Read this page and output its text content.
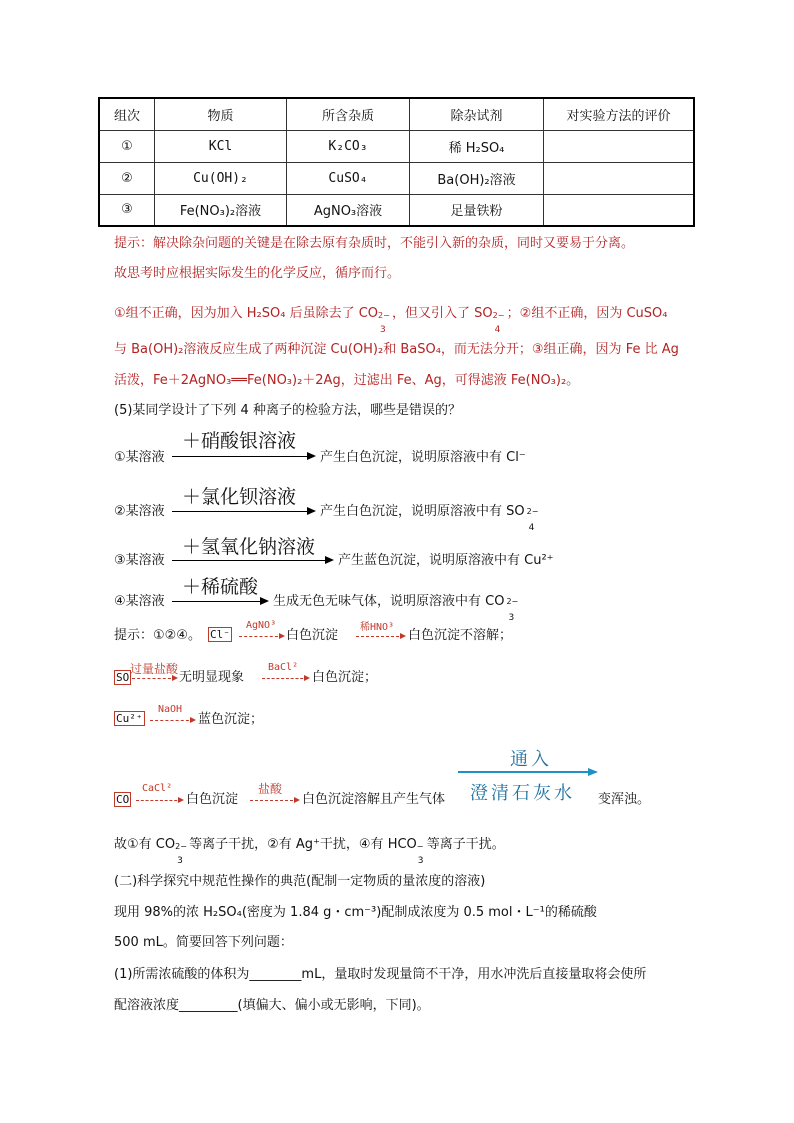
组次	物质	所含杂质	除杂试剂	对实验方法的评价
①	KCl	K₂CO₃	稀 H₂SO₄	
②	Cu(OH)₂	CuSO₄	Ba(OH)₂溶液	
③	Fe(NO₃)₂溶液	AgNO₃溶液	足量铁粉	
提示：解决除杂问题的关键是在除去原有杂质时，不能引入新的杂质，同时又要易于分离。
故思考时应根据实际发生的化学反应，循序而行。
①组不正确，因为加入 H₂SO₄ 后虽除去了 CO 2−
3
，但又引入了 SO 2−
4
；②组不正确，因为 CuSO₄
与 Ba(OH)₂溶液反应生成了两种沉淀 Cu(OH)₂和 BaSO₄，而无法分开；③组正确，因为 Fe 比 Ag
活泼，Fe＋2AgNO₃══Fe(NO₃)₂＋2Ag，过滤出 Fe、Ag，可得滤液 Fe(NO₃)₂。
(5)某同学设计了下列 4 种离子的检验方法，哪些是错误的？
＋硝酸银溶液
①某溶液	产生白色沉淀，说明原溶液中有 Cl⁻
＋氯化钡溶液
②某溶液	产生白色沉淀，说明原溶液中有 SO 2−
4
＋氢氧化钠溶液
③某溶液	产生蓝色沉淀，说明原溶液中有 Cu²⁺
＋稀硫酸
④某溶液	生成无色无味气体，说明原溶液中有 CO 2−
3
提示：①②④。 Cl⁻
AgNO³
白色沉淀
稀HNO³
白色沉淀不溶解；
SO
过量盐酸
无明显现象
BaCl²
白色沉淀；
Cu²⁺
NaOH
蓝色沉淀；
CO
CaCl²
白色沉淀
盐酸
白色沉淀溶解且产生气体
通入
澄清石灰水 变浑浊。
故①有 CO 2−
3
等离子干扰，②有 Ag⁺干扰，④有 HCO −
3
等离子干扰。
(二)科学探究中规范性操作的典范(配制一定物质的量浓度的溶液)
现用 98%的浓 H₂SO₄(密度为 1.84 g・cm⁻³)配制成浓度为 0.5 mol・L⁻¹的稀硫酸
500 mL。简要回答下列问题：
(1)所需浓硫酸的体积为________mL，量取时发现量筒不干净，用水冲洗后直接量取将会使所
配溶液浓度_________(填偏大、偏小或无影响，下同)。
